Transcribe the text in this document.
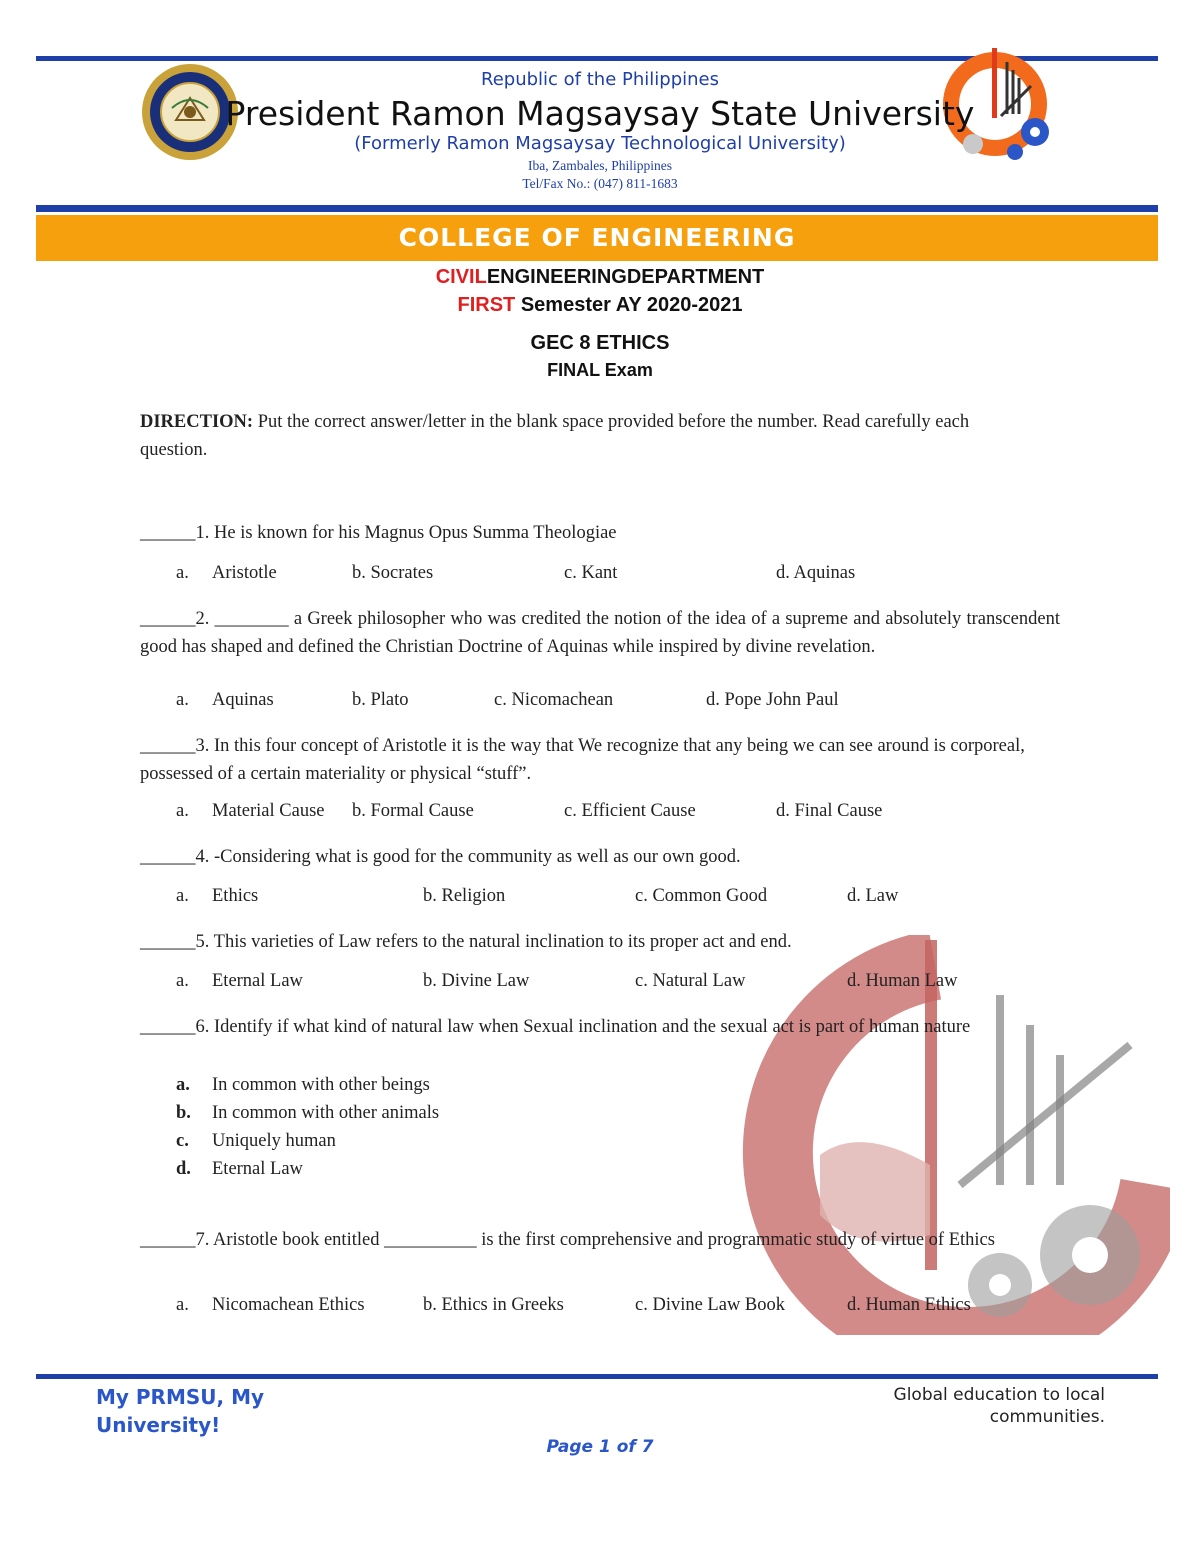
Republic of the Philippines
President Ramon Magsaysay State University
(Formerly Ramon Magsaysay Technological University)
Iba, Zambales, Philippines
Tel/Fax No.: (047) 811-1683
COLLEGE OF ENGINEERING
CIVILENGINEERINGDEPARTMENT
FIRST Semester AY 2020-2021
GEC 8 ETHICS
FINAL Exam
DIRECTION: Put the correct answer/letter in the blank space provided before the number. Read carefully each question.
______1. He is known for his Magnus Opus Summa Theologiae
a. Aristotle	b. Socrates	c. Kant	d. Aquinas
______2. ________ a Greek philosopher who was credited the notion of the idea of a supreme and absolutely transcendent good has shaped and defined the Christian Doctrine of Aquinas while inspired by divine revelation.
a. Aquinas	b. Plato	c. Nicomachean	d. Pope John Paul
______3. In this four concept of Aristotle it is the way that We recognize that any being we can see around is corporeal, possessed of a certain materiality or physical “stuff”.
a. Material Cause b. Formal Cause	c. Efficient Cause	d. Final Cause
______4. -Considering what is good for the community as well as our own good.
a. Ethics	b. Religion	c. Common Good	d. Law
______5. This varieties of Law refers to the natural inclination to its proper act and end.
a. Eternal Law	b. Divine Law	c. Natural Law	d. Human Law
______6. Identify if what kind of natural law when Sexual inclination and the sexual act is part of human nature
a. In common with other beings
b. In common with other animals
c. Uniquely human
d. Eternal Law
______7. Aristotle book entitled __________ is the first comprehensive and programmatic study of virtue of Ethics
a. Nicomachean Ethics	b. Ethics in Greeks	c. Divine Law Book	d. Human Ethics
My PRMSU, My University!
Global education to local communities.
Page 1 of 7
